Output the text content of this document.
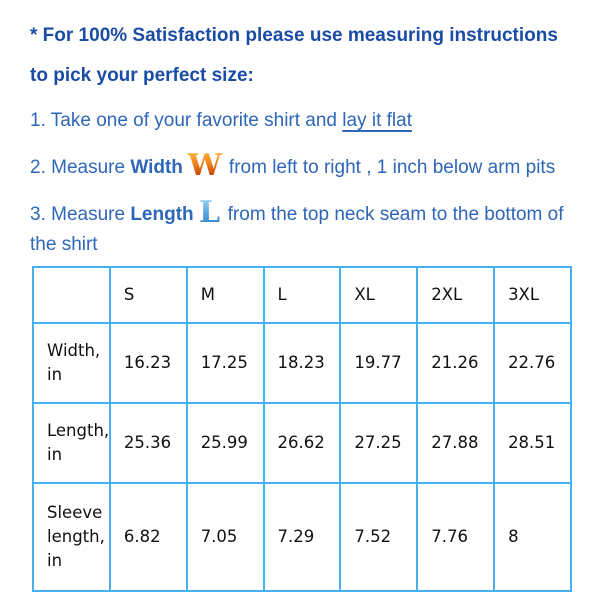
* For 100% Satisfaction please use measuring instructions
to pick your perfect size:

1. Take one of your favorite shirt and lay it flat

2. Measure Width W from left to right , 1 inch below arm pits

3. Measure Length L from the top neck seam to the bottom of the shirt

	S	M	L	XL	2XL	3XL
Width, in	16.23	17.25	18.23	19.77	21.26	22.76
Length, in	25.36	25.99	26.62	27.25	27.88	28.51
Sleeve length, in	6.82	7.05	7.29	7.52	7.76	8
